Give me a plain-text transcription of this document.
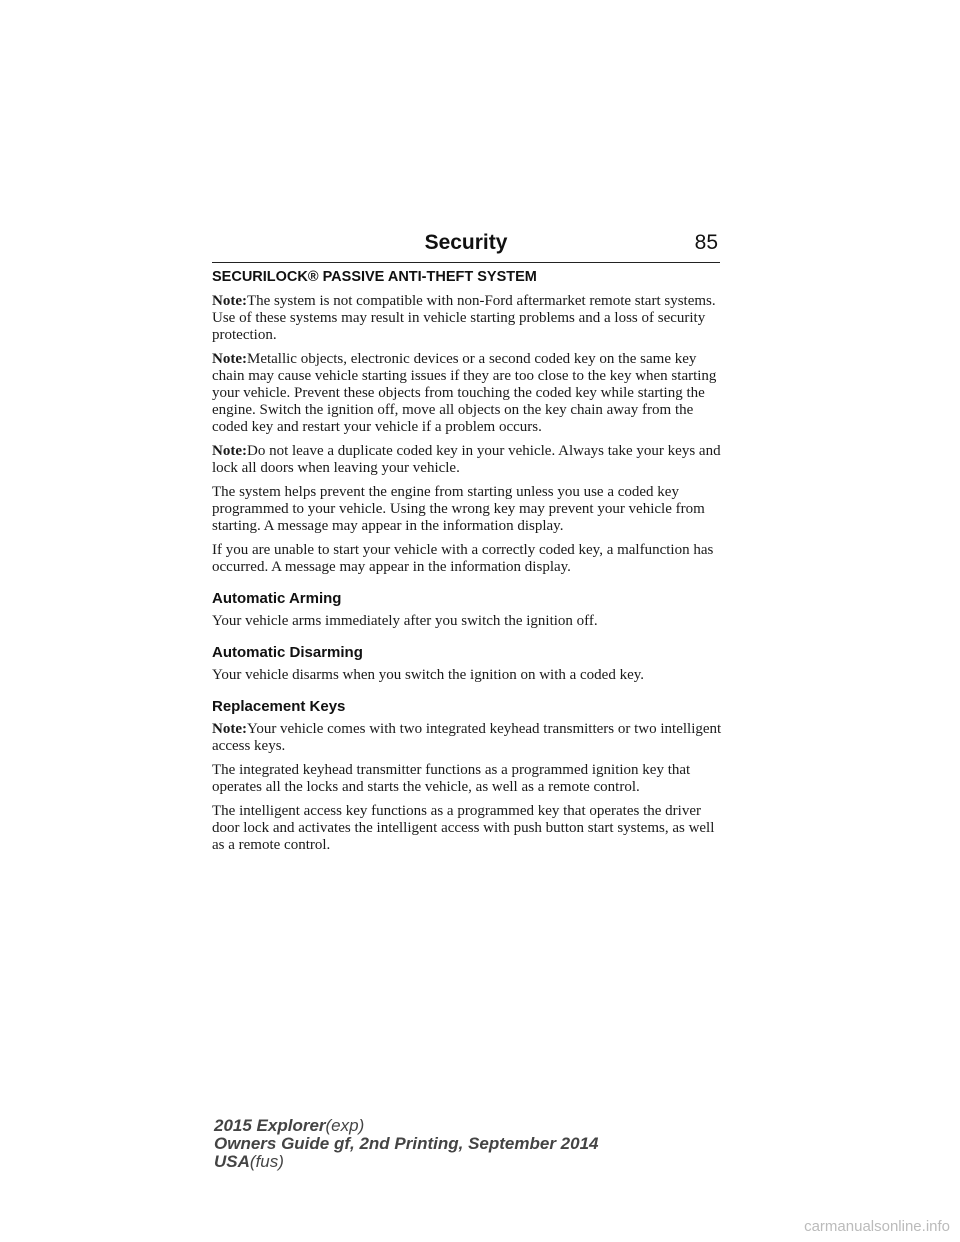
85
Security
SECURILOCK® PASSIVE ANTI-THEFT SYSTEM

Note:The system is not compatible with non-Ford aftermarket remote start systems. Use of these systems may result in vehicle starting problems and a loss of security protection.

Note:Metallic objects, electronic devices or a second coded key on the same key chain may cause vehicle starting issues if they are too close to the key when starting your vehicle. Prevent these objects from touching the coded key while starting the engine. Switch the ignition off, move all objects on the key chain away from the coded key and restart your vehicle if a problem occurs.

Note:Do not leave a duplicate coded key in your vehicle. Always take your keys and lock all doors when leaving your vehicle.

The system helps prevent the engine from starting unless you use a coded key programmed to your vehicle. Using the wrong key may prevent your vehicle from starting. A message may appear in the information display.

If you are unable to start your vehicle with a correctly coded key, a malfunction has occurred. A message may appear in the information display.

Automatic Arming

Your vehicle arms immediately after you switch the ignition off.

Automatic Disarming

Your vehicle disarms when you switch the ignition on with a coded key.

Replacement Keys

Note:Your vehicle comes with two integrated keyhead transmitters or two intelligent access keys.

The integrated keyhead transmitter functions as a programmed ignition key that operates all the locks and starts the vehicle, as well as a remote control.

The intelligent access key functions as a programmed key that operates the driver door lock and activates the intelligent access with push button start systems, as well as a remote control.

2015 Explorer(exp)
Owners Guide gf, 2nd Printing, September 2014
USA(fus)
carmanualsonline.info
